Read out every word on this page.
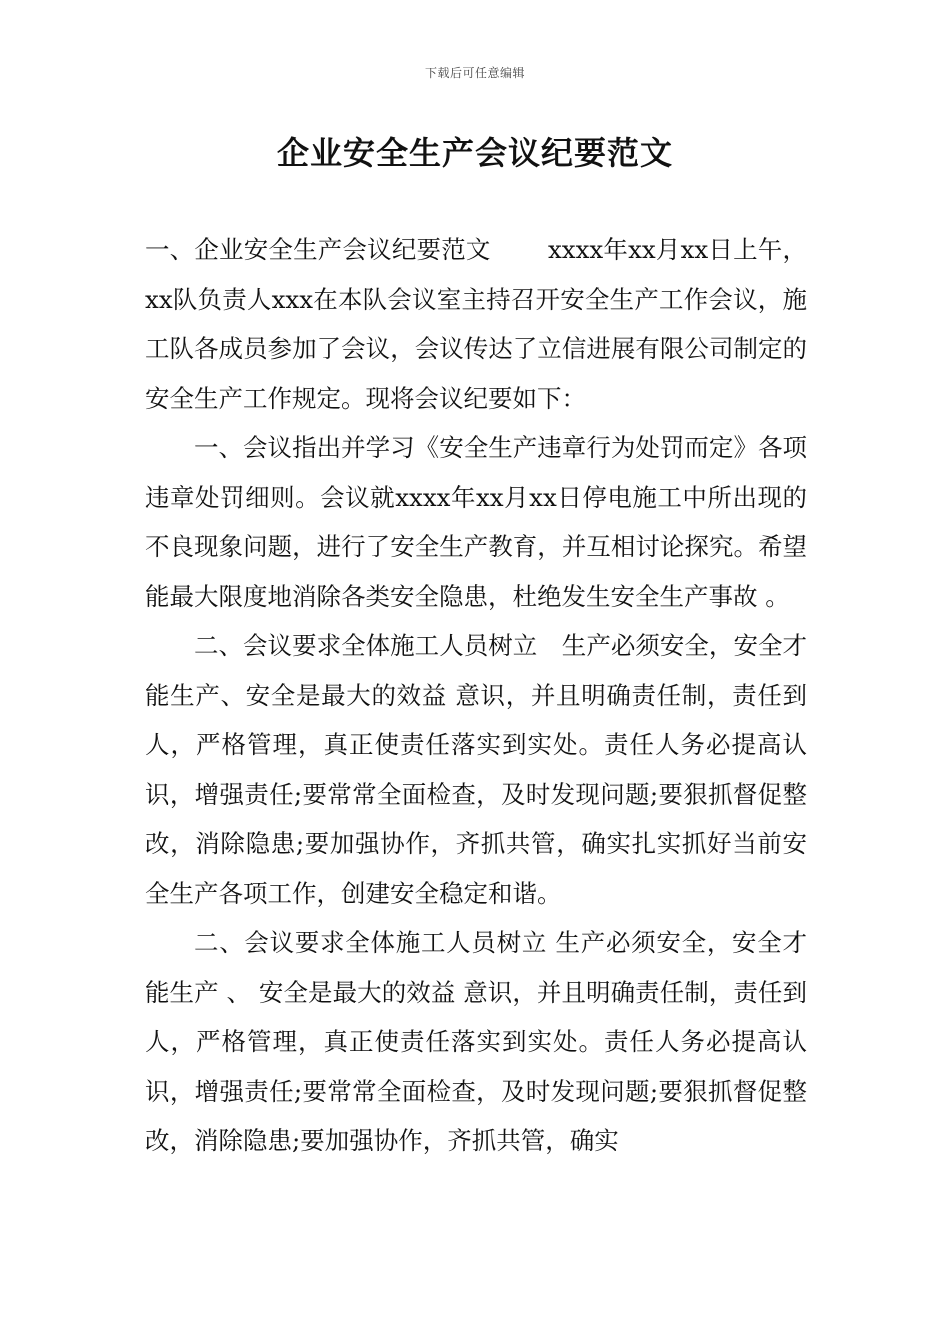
下载后可任意编辑
企业安全生产会议纪要范文

一、企业安全生产会议纪要范文　　 xxxx年xx月xx日上午，xx队负责人xxx在本队会议室主持召开安全生产工作会议，施工队各成员参加了会议，会议传达了立信进展有限公司制定的安全生产工作规定。现将会议纪要如下：

一、会议指出并学习《安全生产违章行为处罚而定》各项违章处罚细则。会议就xxxx年xx月xx日停电施工中所出现的不良现象问题，进行了安全生产教育，并互相讨论探究。希望能最大限度地消除各类安全隐患，杜绝发生安全生产事故 。

二、会议要求全体施工人员树立　生产必须安全，安全才能生产、安全是最大的效益 意识，并且明确责任制，责任到人，严格管理，真正使责任落实到实处。责任人务必提高认识，增强责任;要常常全面检查，及时发现问题;要狠抓督促整改，消除隐患;要加强协作，齐抓共管，确实扎实抓好当前安全生产各项工作，创建安全稳定和谐。

二、会议要求全体施工人员树立 生产必须安全，安全才能生产 、 安全是最大的效益 意识，并且明确责任制，责任到人，严格管理，真正使责任落实到实处。责任人务必提高认识，增强责任;要常常全面检查，及时发现问题;要狠抓督促整改，消除隐患;要加强协作，齐抓共管，确实
